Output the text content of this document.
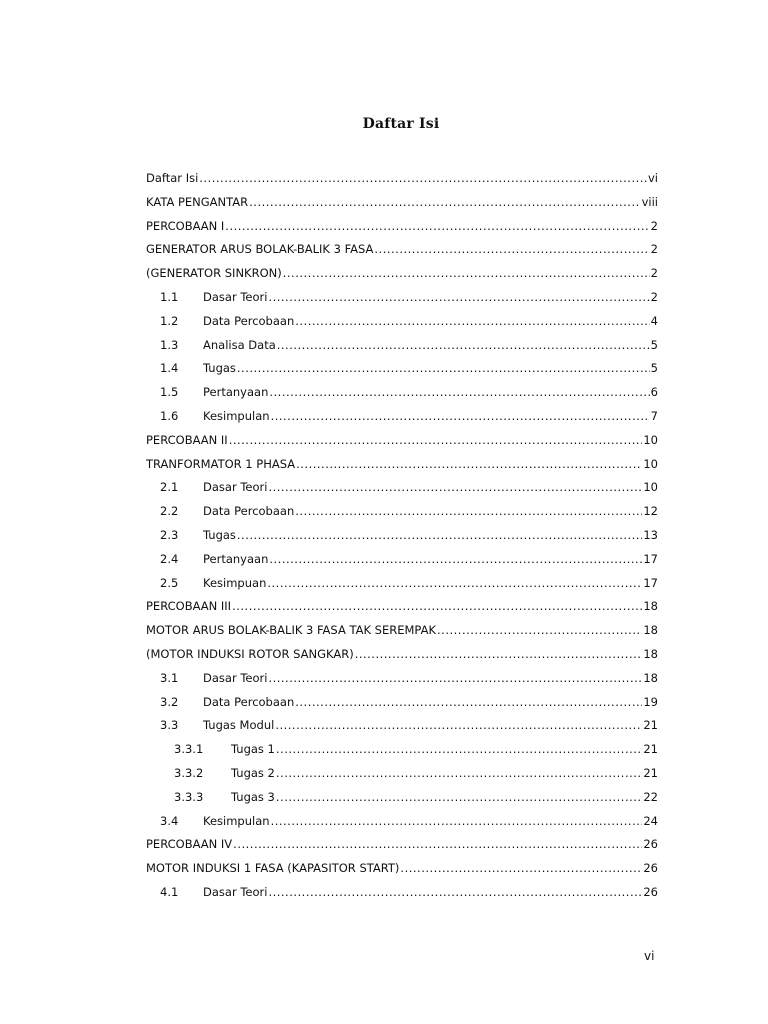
Daftar Isi
Daftar Isi .....	vi
KATA PENGANTAR .....	viii
PERCOBAAN I .....	2
GENERATOR ARUS BOLAK-BALIK 3 FASA .....	2
(GENERATOR SINKRON) .....	2
1.1	Dasar Teori .....	2
1.2	Data Percobaan .....	4
1.3	Analisa Data .....	5
1.4	Tugas .....	5
1.5	Pertanyaan .....	6
1.6	Kesimpulan .....	7
PERCOBAAN II .....	10
TRANFORMATOR 1 PHASA .....	10
2.1	Dasar Teori .....	10
2.2	Data Percobaan .....	12
2.3	Tugas .....	13
2.4	Pertanyaan .....	17
2.5	Kesimpuan .....	17
PERCOBAAN III .....	18
MOTOR ARUS BOLAK-BALIK 3 FASA TAK SEREMPAK .....	18
(MOTOR INDUKSI ROTOR SANGKAR) .....	18
3.1	Dasar Teori .....	18
3.2	Data Percobaan .....	19
3.3	Tugas Modul .....	21
3.3.1	Tugas 1 .....	21
3.3.2	Tugas 2 .....	21
3.3.3	Tugas 3 .....	22
3.4	Kesimpulan .....	24
PERCOBAAN IV .....	26
MOTOR INDUKSI 1 FASA (KAPASITOR START) .....	26
4.1	Dasar Teori .....	26
vi
